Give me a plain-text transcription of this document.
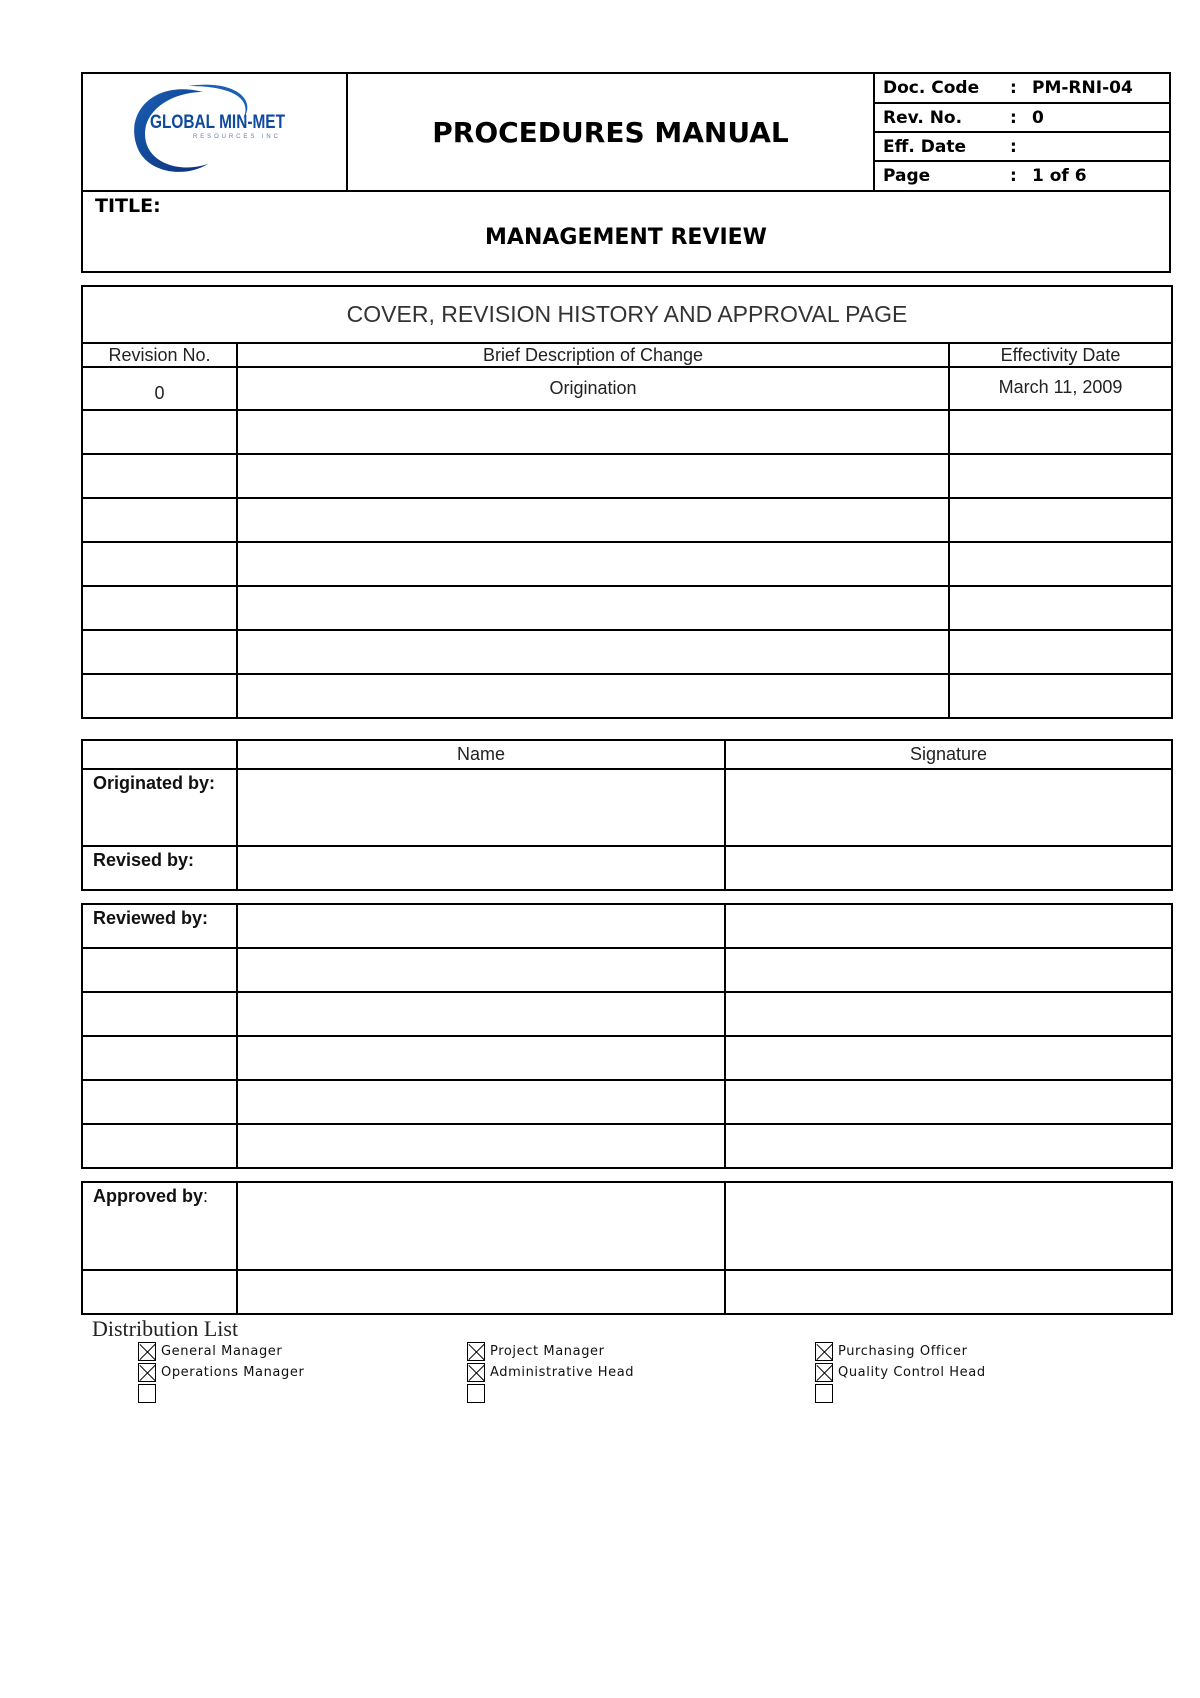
GLOBAL MIN-MET
RESOURCES INC	PROCEDURES MANUAL	
Doc. Code	:	PM-RNI-04
Rev. No.	:	0
Eff. Date	:	
Page	:	1 of 6
TITLE:
MANAGEMENT REVIEW
COVER, REVISION HISTORY AND APPROVAL PAGE		
Revision No.	Brief Description of Change	Effectivity Date
0	Origination	March 11, 2009

	Name	Signature
Originated by:		
Revised by:		
Reviewed by:		

Approved by:		

Distribution List
General Manager
Operations Manager
Project Manager
Administrative Head
Purchasing Officer
Quality Control Head
